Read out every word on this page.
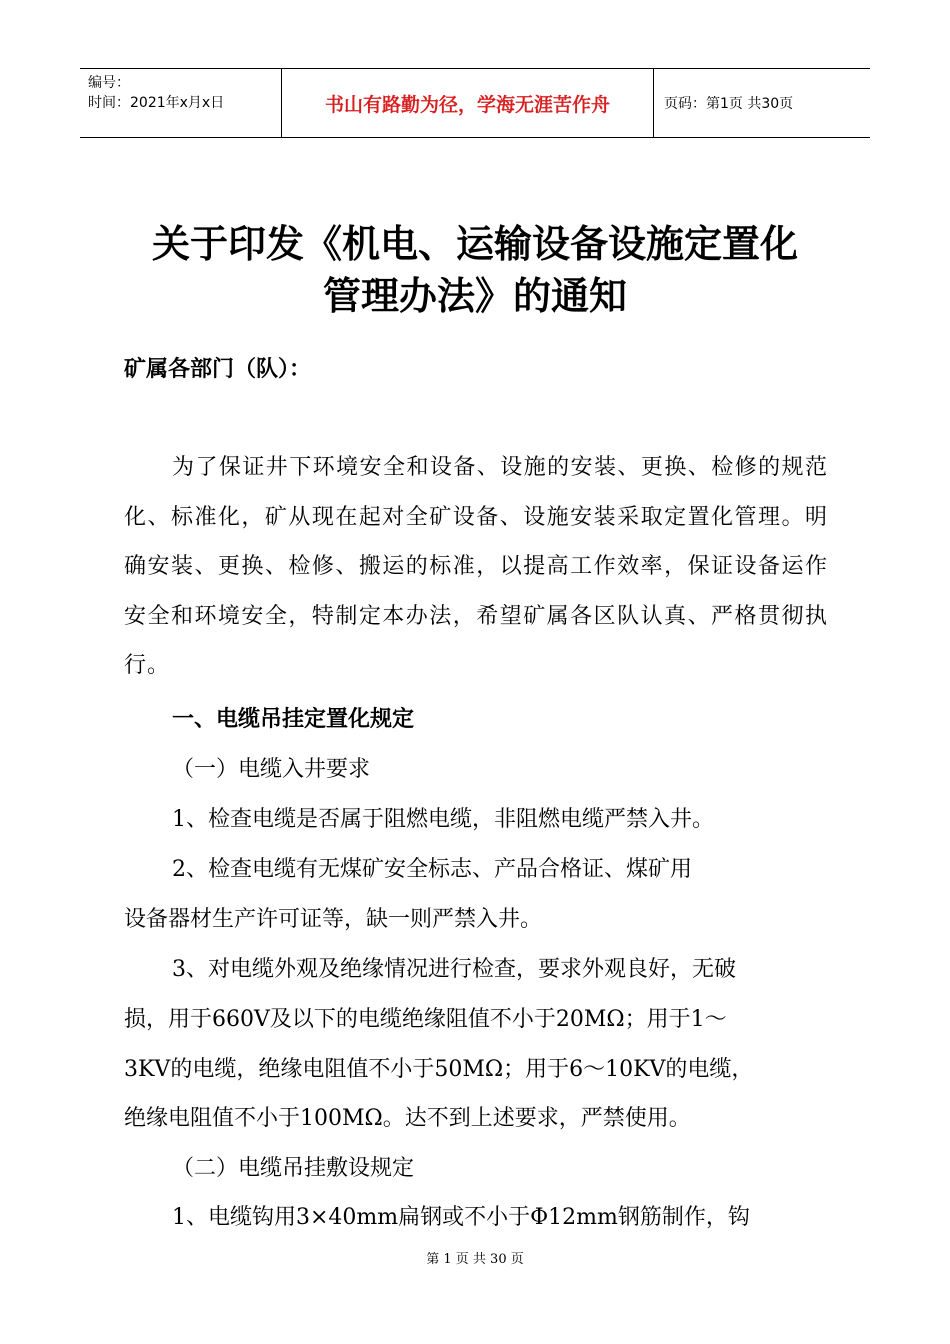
编号：
时间：2021年x月x日	书山有路勤为径，学海无涯苦作舟	页码：第1页 共30页
关于印发《机电、运输设备设施定置化
管理办法》的通知
矿属各部门（队）：
为了保证井下环境安全和设备、设施的安装、更换、检修的规范化、标准化，矿从现在起对全矿设备、设施安装采取定置化管理。明确安装、更换、检修、搬运的标准，以提高工作效率，保证设备运作安全和环境安全，特制定本办法，希望矿属各区队认真、严格贯彻执行。
一、电缆吊挂定置化规定
（一）电缆入井要求
1、检查电缆是否属于阻燃电缆，非阻燃电缆严禁入井。
2、检查电缆有无煤矿安全标志、产品合格证、煤矿用
设备器材生产许可证等，缺一则严禁入井。
3、对电缆外观及绝缘情况进行检查，要求外观良好，无破
损，用于660V及以下的电缆绝缘阻值不小于20MΩ；用于1～
3KV的电缆，绝缘电阻值不小于50MΩ；用于6～10KV的电缆，
绝缘电阻值不小于100MΩ。达不到上述要求，严禁使用。
（二）电缆吊挂敷设规定
1、电缆钩用3×40mm扁钢或不小于Φ12mm钢筋制作，钩
第 1 页 共 30 页
